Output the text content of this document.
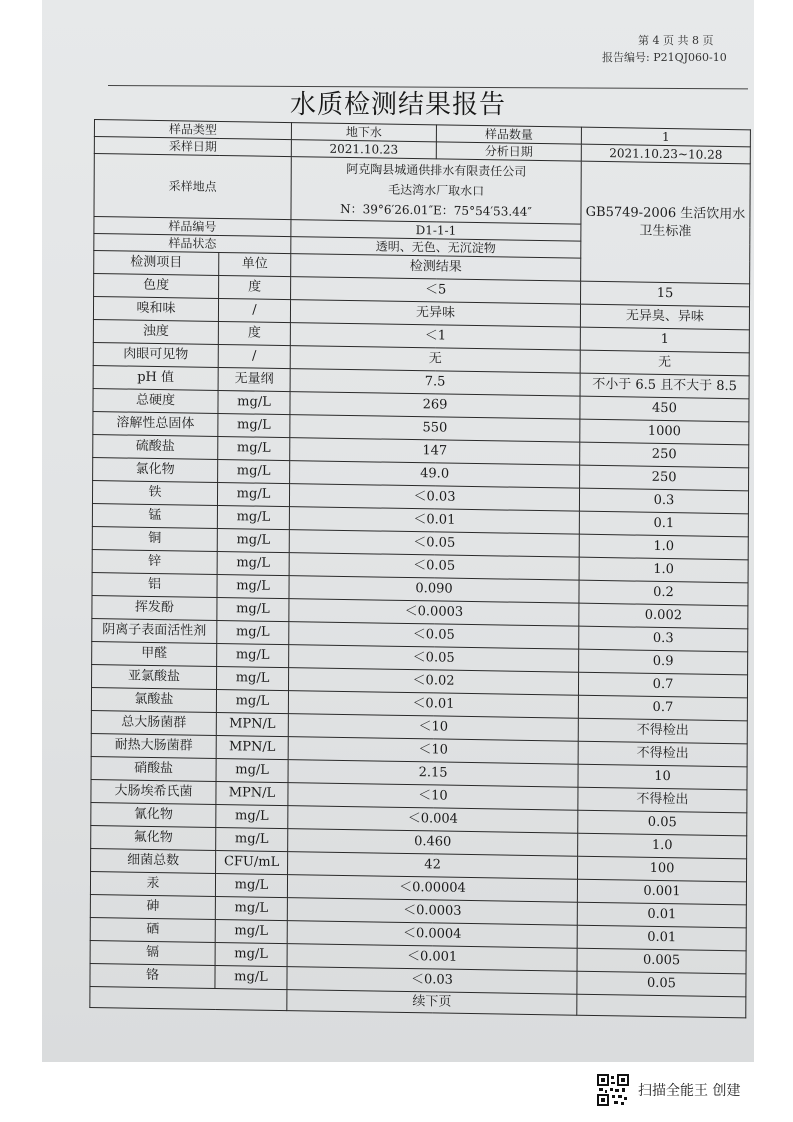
第 4 页 共 8 页
报告编号: P21QJ060-10
水质检测结果报告
样品类型		地下水	样品数量	1
采样日期		2021.10.23	分析日期	2021.10.23~10.28
采样地点		阿克陶县城通供排水有限责任公司
毛达湾水厂取水口
N：39°6′26.01″E：75°54′53.44″		GB5749-2006 生活饮用水卫生标准
样品编号		D1-1-1		
样品状态		透明、无色、无沉淀物		
检测项目	单位	检测结果		
色度	度	＜5		15
嗅和味	/	无异味		无异臭、异味
浊度	度	＜1		1
肉眼可见物	/	无		无
pH 值	无量纲	7.5		不小于 6.5 且不大于 8.5
总硬度	mg/L	269		450
溶解性总固体	mg/L	550		1000
硫酸盐	mg/L	147		250
氯化物	mg/L	49.0		250
铁	mg/L	＜0.03		0.3
锰	mg/L	＜0.01		0.1
铜	mg/L	＜0.05		1.0
锌	mg/L	＜0.05		1.0
铝	mg/L	0.090		0.2
挥发酚	mg/L	＜0.0003		0.002
阴离子表面活性剂	mg/L	＜0.05		0.3
甲醛	mg/L	＜0.05		0.9
亚氯酸盐	mg/L	＜0.02		0.7
氯酸盐	mg/L	＜0.01		0.7
总大肠菌群	MPN/L	＜10		不得检出
耐热大肠菌群	MPN/L	＜10		不得检出
硝酸盐	mg/L	2.15		10
大肠埃希氏菌	MPN/L	＜10		不得检出
氰化物	mg/L	＜0.004		0.05
氟化物	mg/L	0.460		1.0
细菌总数	CFU/mL	42		100
汞	mg/L	＜0.00004		0.001
砷	mg/L	＜0.0003		0.01
硒	mg/L	＜0.0004		0.01
镉	mg/L	＜0.001		0.005
铬	mg/L	＜0.03		0.05
		续下页		
扫描全能王 创建
